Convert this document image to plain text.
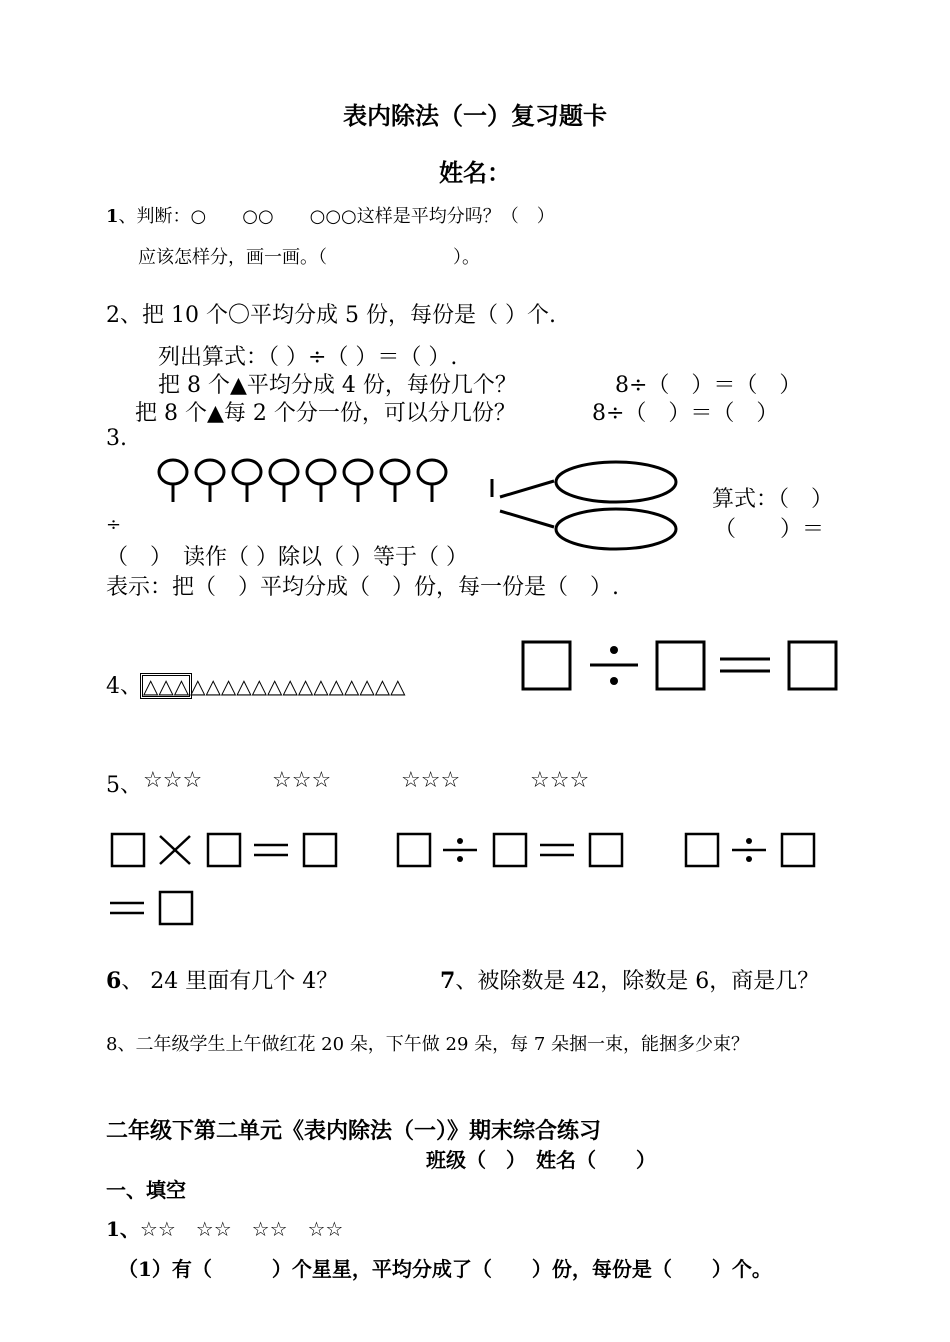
表内除法（一）复习题卡
姓名：
1、判断：○　　○○　　○○○这样是平均分吗？（　）
应该怎样分，画一画。（　　　　　　　）。
2、把 10 个〇平均分成 5 份，每份是（ ）个.
列出算式：（ ）÷（ ）＝（ ）.
把 8 个▲平均分成 4 份，每份几个？	8÷（　）＝（　）
把 8 个▲每 2 个分一份，可以分几份？	8÷（　）＝（　）
3.
算式：（　）
÷	（　　）＝
（　）　读作（ ）除以（ ）等于（ ）
表示：把（　）平均分成（　）份，每一份是（　）.
4、△△△△△△△△△△△△△△△△△
5、 ☆☆☆	☆☆☆	☆☆☆	☆☆☆
6、 24 里面有几个 4？	7、被除数是 42，除数是 6，商是几？
8、二年级学生上午做红花 20 朵，下午做 29 朵，每 7 朵捆一束，能捆多少束？
二年级下第二单元《表内除法（一）》期末综合练习
班级（　）　姓名（　　）
一、填空
1、☆☆　☆☆　☆☆　☆☆
（1）有（　　　）个星星，平均分成了（　　）份，每份是（　　）个。
